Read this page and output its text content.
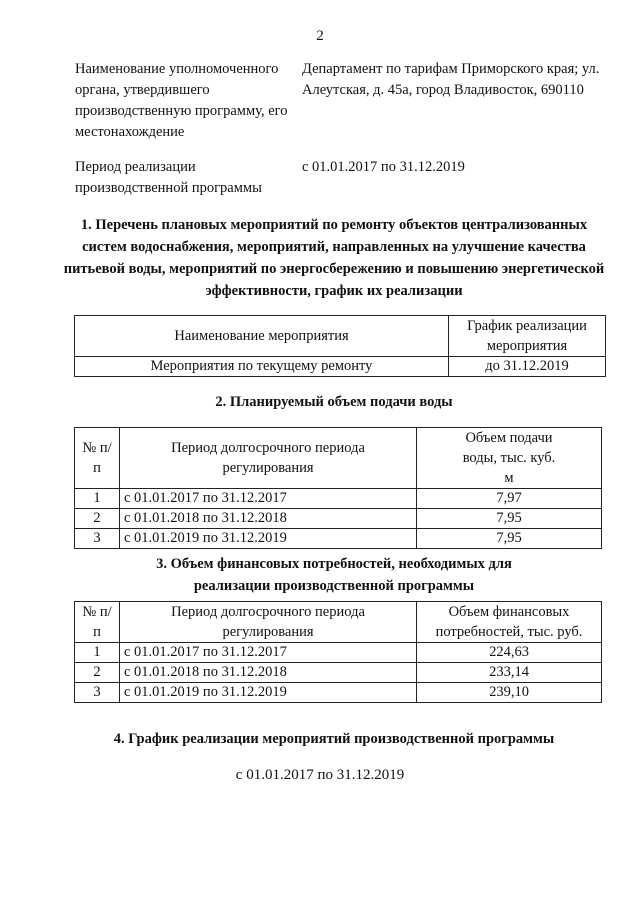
2
Наименование уполномоченного органа, утвердившего производственную программу, его местонахождение
Департамент по тарифам Приморского края; ул. Алеутская, д. 45а, город Владивосток, 690110
Период реализации производственной программы
с 01.01.2017 по 31.12.2019
1. Перечень плановых мероприятий по ремонту объектов централизованных систем водоснабжения, мероприятий, направленных на улучшение качества питьевой воды, мероприятий по энергосбережению и повышению энергетической эффективности, график их реализации
Наименование мероприятия	График реализации мероприятия
Мероприятия по текущему ремонту	до 31.12.2019
2. Планируемый объем подачи воды
№ п/п	Период долгосрочного периода регулирования	Объем подачи воды, тыс. куб. м
1	с 01.01.2017 по 31.12.2017	7,97
2	с 01.01.2018 по 31.12.2018	7,95
3	с 01.01.2019 по 31.12.2019	7,95
3. Объем финансовых потребностей, необходимых для реализации производственной программы
№ п/п	Период долгосрочного периода регулирования	Объем финансовых потребностей, тыс. руб.
1	с 01.01.2017 по 31.12.2017	224,63
2	с 01.01.2018 по 31.12.2018	233,14
3	с 01.01.2019 по 31.12.2019	239,10
4. График реализации мероприятий производственной программы
с 01.01.2017 по 31.12.2019
